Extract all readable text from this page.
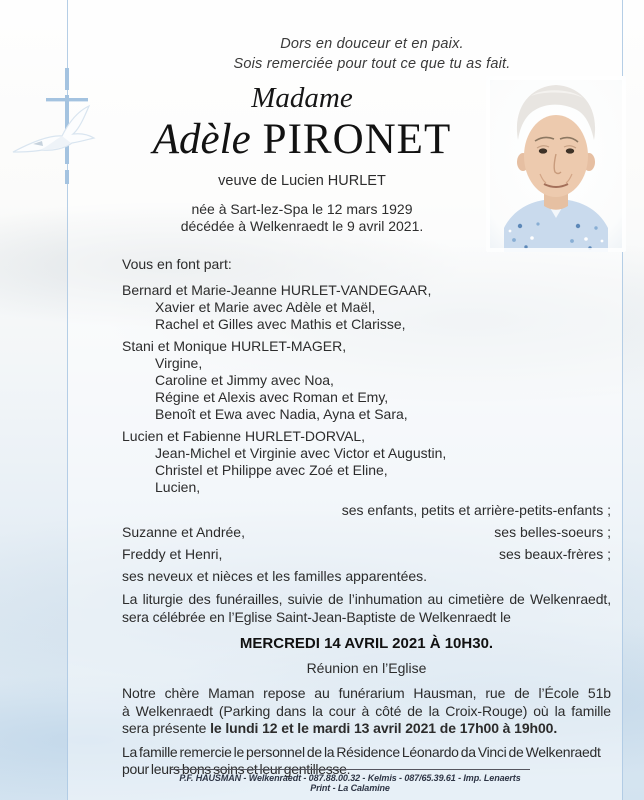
Dors en douceur et en paix.
Sois remerciée pour tout ce que tu as fait.
Madame
Adèle PIRONET
veuve de Lucien HURLET
née à Sart-lez-Spa le 12 mars 1929
décédée à Welkenraedt le 9 avril 2021.

Vous en font part:

Bernard et Marie-Jeanne HURLET-VANDEGAAR,
Xavier et Marie avec Adèle et Maël,
Rachel et Gilles avec Mathis et Clarisse,
Stani et Monique HURLET-MAGER,
Virgine,
Caroline et Jimmy avec Noa,
Régine et Alexis avec Roman et Emy,
Benoît et Ewa avec Nadia, Ayna et Sara,
Lucien et Fabienne HURLET-DORVAL,
Jean-Michel et Virginie avec Victor et Augustin,
Christel et Philippe avec Zoé et Eline,
Lucien,
ses enfants, petits et arrière-petits-enfants ;
Suzanne et Andrée,	ses belles-soeurs ;
Freddy et Henri,	ses beaux-frères ;

ses neveux et nièces et les familles apparentées.

La liturgie des funérailles, suivie de l’inhumation au cimetière de Welkenraedt,
sera célébrée en l’Eglise Saint-Jean-Baptiste de Welkenraedt le

MERCREDI 14 AVRIL 2021 À 10H30.

Réunion en l’Eglise

Notre chère Maman repose au funérarium Hausman, rue de l’École 51b
à Welkenraedt (Parking dans la cour à côté de la Croix-Rouge) où la famille
sera présente le lundi 12 et le mardi 13 avril 2021 de 17h00 à 19h00.

La famille remercie le personnel de la Résidence Léonardo da Vinci de Welkenraedt
pour leurs bons soins et leur gentillesse.

P.F. HAUSMAN - Welkenraedt - 087.88.00.32 - Kelmis - 087/65.39.61 - Imp. Lenaerts Print - La Calamine
